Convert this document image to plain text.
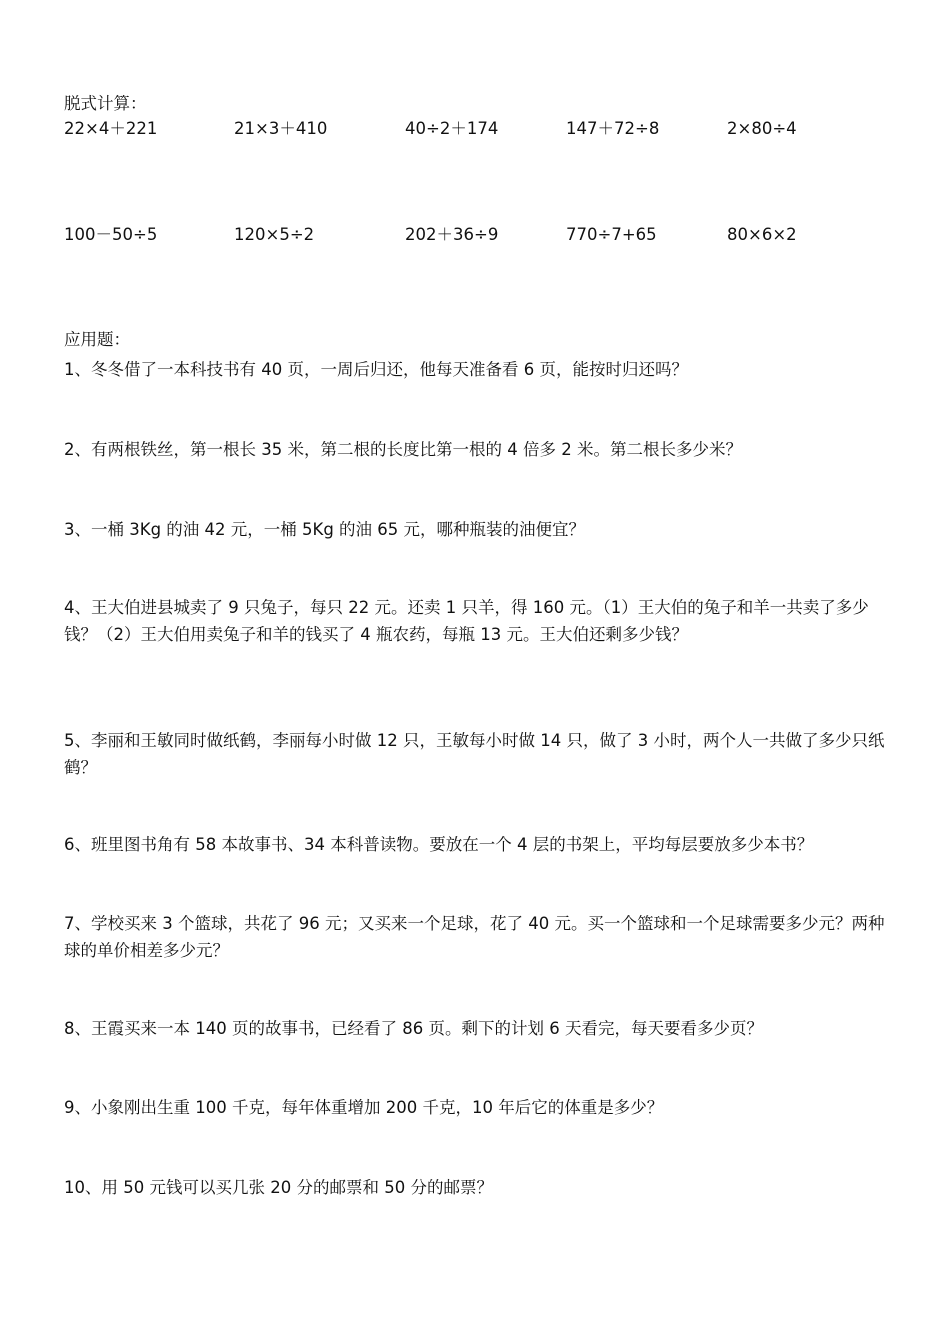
脱式计算：
22×4＋221	21×3＋410	40÷2＋174	147＋72÷8	2×80÷4
100－50÷5	120×5÷2	202＋36÷9	770÷7+65	80×6×2
应用题：
1、冬冬借了一本科技书有 40 页，一周后归还，他每天准备看 6 页，能按时归还吗？
2、有两根铁丝，第一根长 35 米，第二根的长度比第一根的 4 倍多 2 米。第二根长多少米？
3、一桶 3Kg 的油 42 元，一桶 5Kg 的油 65 元，哪种瓶装的油便宜？
4、王大伯进县城卖了 9 只兔子，每只 22 元。还卖 1 只羊，得 160 元。（1）王大伯的兔子和羊一共卖了多少钱？（2）王大伯用卖兔子和羊的钱买了 4 瓶农药，每瓶 13 元。王大伯还剩多少钱？
5、李丽和王敏同时做纸鹤，李丽每小时做 12 只，王敏每小时做 14 只，做了 3 小时，两个人一共做了多少只纸鹤？
6、班里图书角有 58 本故事书、34 本科普读物。要放在一个 4 层的书架上，平均每层要放多少本书？
7、学校买来 3 个篮球，共花了 96 元；又买来一个足球，花了 40 元。买一个篮球和一个足球需要多少元？两种球的单价相差多少元？
8、王霞买来一本 140 页的故事书，已经看了 86 页。剩下的计划 6 天看完，每天要看多少页？
9、小象刚出生重 100 千克，每年体重增加 200 千克，10 年后它的体重是多少？
10、用 50 元钱可以买几张 20 分的邮票和 50 分的邮票？
